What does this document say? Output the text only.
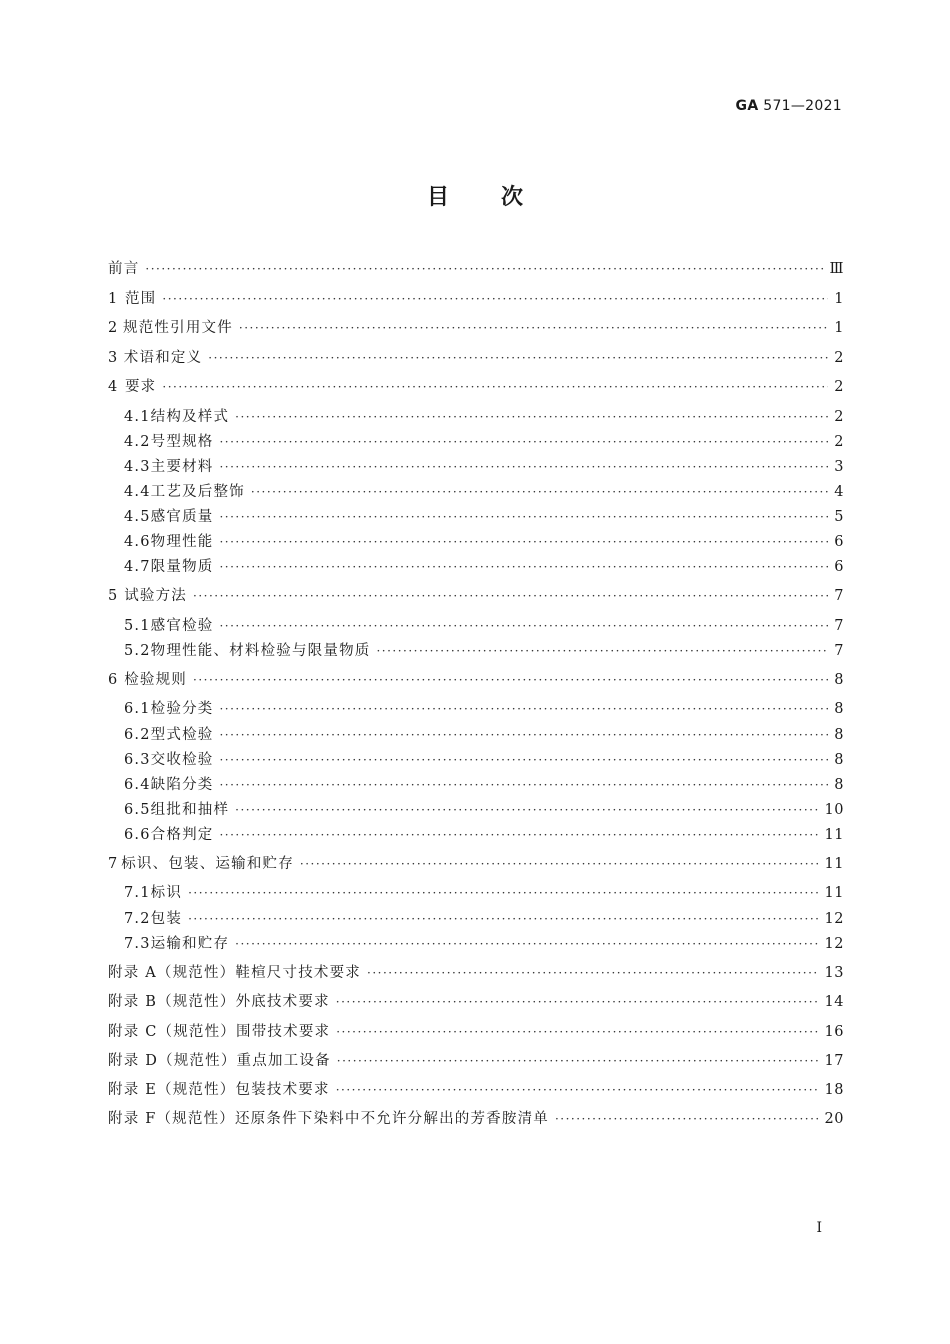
GA 571—2021
目 次
前言 ·····	Ⅲ
1 范围 ·····	1
2 规范性引用文件 ·····	1
3 术语和定义 ·····	2
4 要求 ·····	2
4.1 结构及样式 ·····	2
4.2 号型规格 ·····	2
4.3 主要材料 ·····	3
4.4 工艺及后整饰 ·····	4
4.5 感官质量 ·····	5
4.6 物理性能 ·····	6
4.7 限量物质 ·····	6
5 试验方法 ·····	7
5.1 感官检验 ·····	7
5.2 物理性能、材料检验与限量物质 ·····	7
6 检验规则 ·····	8
6.1 检验分类 ·····	8
6.2 型式检验 ·····	8
6.3 交收检验 ·····	8
6.4 缺陷分类 ·····	8
6.5 组批和抽样 ·····	10
6.6 合格判定 ·····	11
7 标识、包装、运输和贮存 ·····	11
7.1 标识 ·····	11
7.2 包装 ·····	12
7.3 运输和贮存 ·····	12
附录 A（规范性） 鞋楦尺寸技术要求 ·····	13
附录 B（规范性） 外底技术要求 ·····	14
附录 C（规范性） 围带技术要求 ·····	16
附录 D（规范性） 重点加工设备 ·····	17
附录 E（规范性） 包装技术要求 ·····	18
附录 F（规范性） 还原条件下染料中不允许分解出的芳香胺清单 ·····	20
I
